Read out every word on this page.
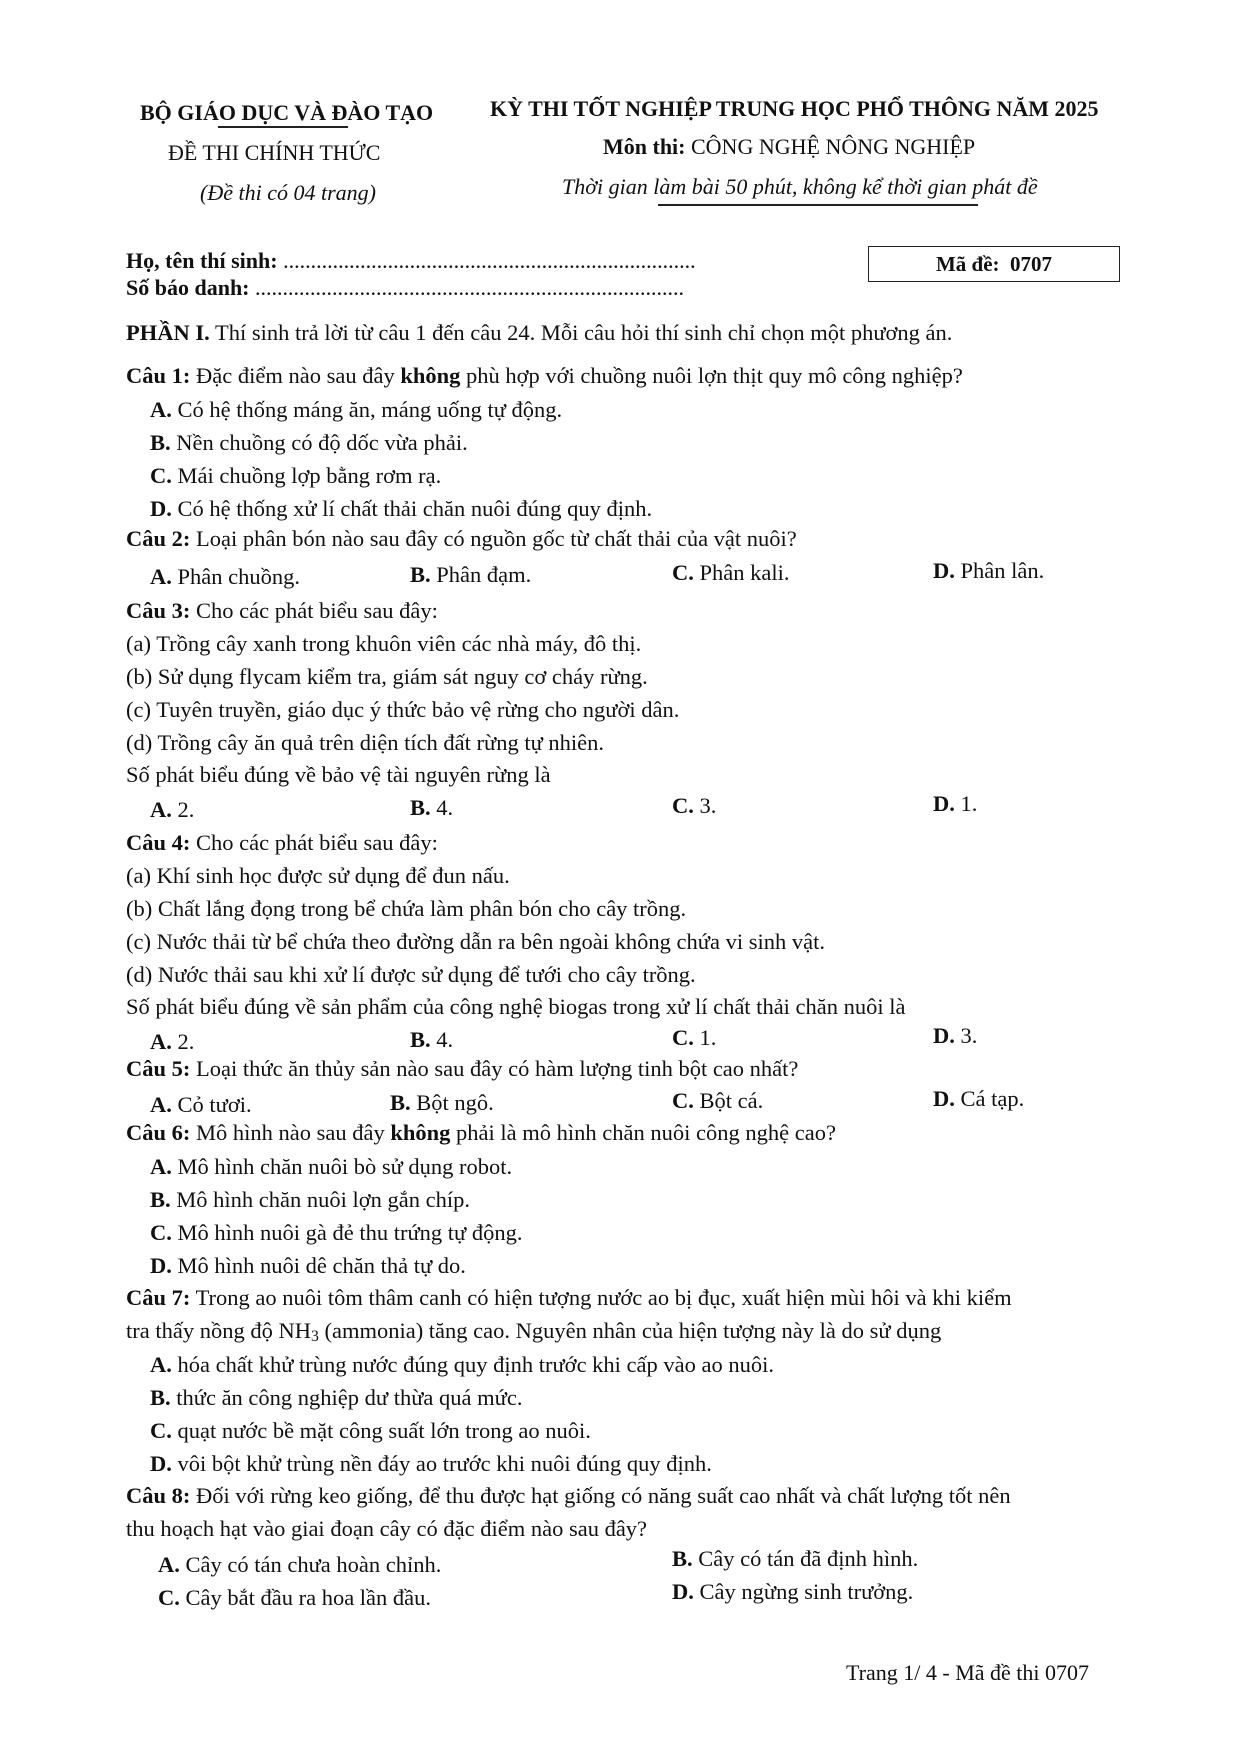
BỘ GIÁO DỤC VÀ ĐÀO TẠO
ĐỀ THI CHÍNH THỨC
(Đề thi có 04 trang)
KỲ THI TỐT NGHIỆP TRUNG HỌC PHỔ THÔNG NĂM 2025
Môn thi: CÔNG NGHỆ NÔNG NGHIỆP
Thời gian làm bài 50 phút, không kể thời gian phát đề
Họ, tên thí sinh: ...........................................................................
Số báo danh: ..............................................................................
Mã đề:
0707
PHẦN I. Thí sinh trả lời từ câu 1 đến câu 24. Mỗi câu hỏi thí sinh chỉ chọn một phương án.
Câu 1: Đặc điểm nào sau đây không phù hợp với chuồng nuôi lợn thịt quy mô công nghiệp?
A. Có hệ thống máng ăn, máng uống tự động.
B. Nền chuồng có độ dốc vừa phải.
C. Mái chuồng lợp bằng rơm rạ.
D. Có hệ thống xử lí chất thải chăn nuôi đúng quy định.
Câu 2: Loại phân bón nào sau đây có nguồn gốc từ chất thải của vật nuôi?
A. Phân chuồng.	B. Phân đạm.	C. Phân kali.	D. Phân lân.
Câu 3: Cho các phát biểu sau đây:
(a) Trồng cây xanh trong khuôn viên các nhà máy, đô thị.
(b) Sử dụng flycam kiểm tra, giám sát nguy cơ cháy rừng.
(c) Tuyên truyền, giáo dục ý thức bảo vệ rừng cho người dân.
(d) Trồng cây ăn quả trên diện tích đất rừng tự nhiên.
Số phát biểu đúng về bảo vệ tài nguyên rừng là
A. 2.	B. 4.	C. 3.	D. 1.
Câu 4: Cho các phát biểu sau đây:
(a) Khí sinh học được sử dụng để đun nấu.
(b) Chất lắng đọng trong bể chứa làm phân bón cho cây trồng.
(c) Nước thải từ bể chứa theo đường dẫn ra bên ngoài không chứa vi sinh vật.
(d) Nước thải sau khi xử lí được sử dụng để tưới cho cây trồng.
Số phát biểu đúng về sản phẩm của công nghệ biogas trong xử lí chất thải chăn nuôi là
A. 2.	B. 4.	C. 1.	D. 3.
Câu 5: Loại thức ăn thủy sản nào sau đây có hàm lượng tinh bột cao nhất?
A. Cỏ tươi.	B. Bột ngô.	C. Bột cá.	D. Cá tạp.
Câu 6: Mô hình nào sau đây không phải là mô hình chăn nuôi công nghệ cao?
A. Mô hình chăn nuôi bò sử dụng robot.
B. Mô hình chăn nuôi lợn gắn chíp.
C. Mô hình nuôi gà đẻ thu trứng tự động.
D. Mô hình nuôi dê chăn thả tự do.
Câu 7: Trong ao nuôi tôm thâm canh có hiện tượng nước ao bị đục, xuất hiện mùi hôi và khi kiểm
tra thấy nồng độ $NH_3$ (ammonia) tăng cao. Nguyên nhân của hiện tượng này là do sử dụng
A. hóa chất khử trùng nước đúng quy định trước khi cấp vào ao nuôi.
B. thức ăn công nghiệp dư thừa quá mức.
C. quạt nước bề mặt công suất lớn trong ao nuôi.
D. vôi bột khử trùng nền đáy ao trước khi nuôi đúng quy định.
Câu 8: Đối với rừng keo giống, để thu được hạt giống có năng suất cao nhất và chất lượng tốt nên
thu hoạch hạt vào giai đoạn cây có đặc điểm nào sau đây?
A. Cây có tán chưa hoàn chỉnh.	B. Cây có tán đã định hình.
C. Cây bắt đầu ra hoa lần đầu.	D. Cây ngừng sinh trưởng.
Trang 1/ 4 - Mã đề thi 0707
